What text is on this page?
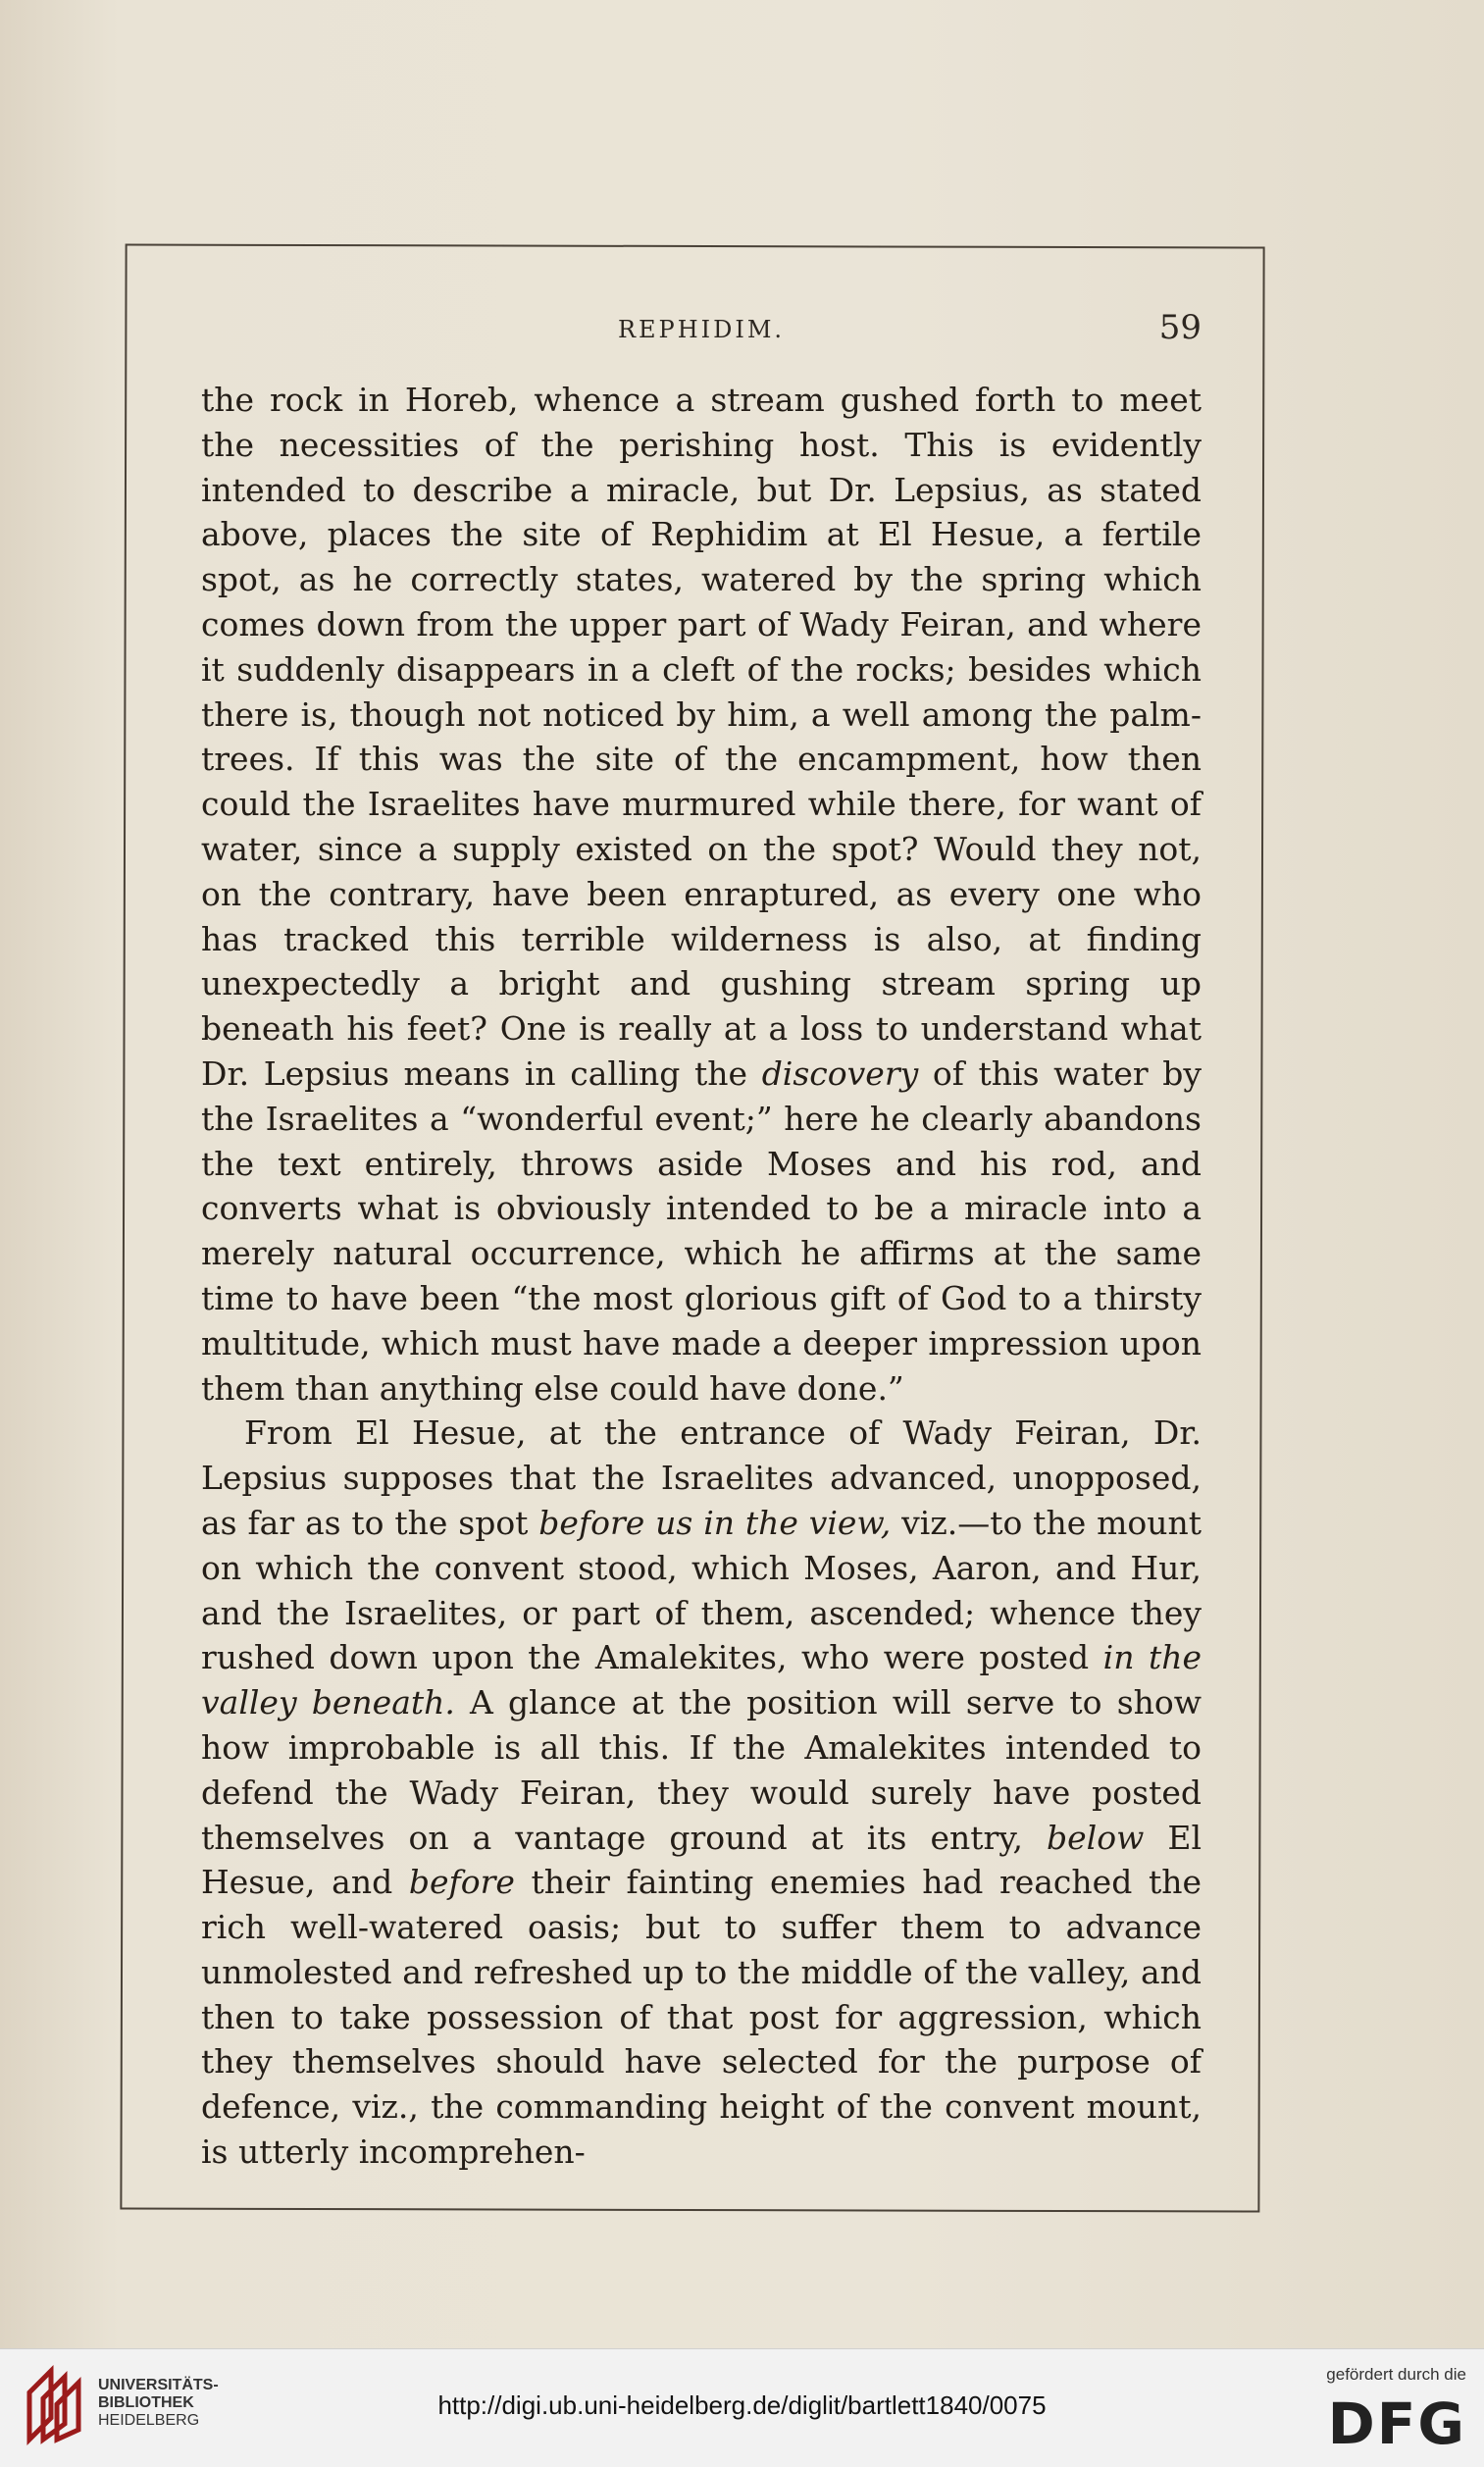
REPHIDIM.	59

the rock in Horeb, whence a stream gushed forth to meet the necessities of the perishing host. This is evidently intended to describe a miracle, but Dr. Lepsius, as stated above, places the site of Rephidim at El Hesue, a fertile spot, as he correctly states, watered by the spring which comes down from the upper part of Wady Feiran, and where it suddenly disappears in a cleft of the rocks; besides which there is, though not noticed by him, a well among the palm-trees. If this was the site of the encampment, how then could the Israelites have murmured while there, for want of water, since a supply existed on the spot? Would they not, on the contrary, have been enraptured, as every one who has tracked this terrible wilderness is also, at finding unexpectedly a bright and gushing stream spring up beneath his feet? One is really at a loss to understand what Dr. Lepsius means in calling the discovery of this water by the Israelites a “wonderful event;” here he clearly abandons the text entirely, throws aside Moses and his rod, and converts what is obviously intended to be a miracle into a merely natural occurrence, which he affirms at the same time to have been “the most glorious gift of God to a thirsty multitude, which must have made a deeper impression upon them than anything else could have done.”

From El Hesue, at the entrance of Wady Feiran, Dr. Lepsius supposes that the Israelites advanced, unopposed, as far as to the spot before us in the view, viz.—to the mount on which the convent stood, which Moses, Aaron, and Hur, and the Israelites, or part of them, ascended; whence they rushed down upon the Amalekites, who were posted in the valley beneath. A glance at the position will serve to show how improbable is all this. If the Amalekites intended to defend the Wady Feiran, they would surely have posted themselves on a vantage ground at its entry, below El Hesue, and before their fainting enemies had reached the rich well-watered oasis; but to suffer them to advance unmolested and refreshed up to the middle of the valley, and then to take possession of that post for aggression, which they themselves should have selected for the purpose of defence, viz., the commanding height of the convent mount, is utterly incomprehen-

UNIVERSITÄTS-
BIBLIOTHEK
HEIDELBERG
http://digi.ub.uni-heidelberg.de/diglit/bartlett1840/0075
gefördert durch die
DFG
